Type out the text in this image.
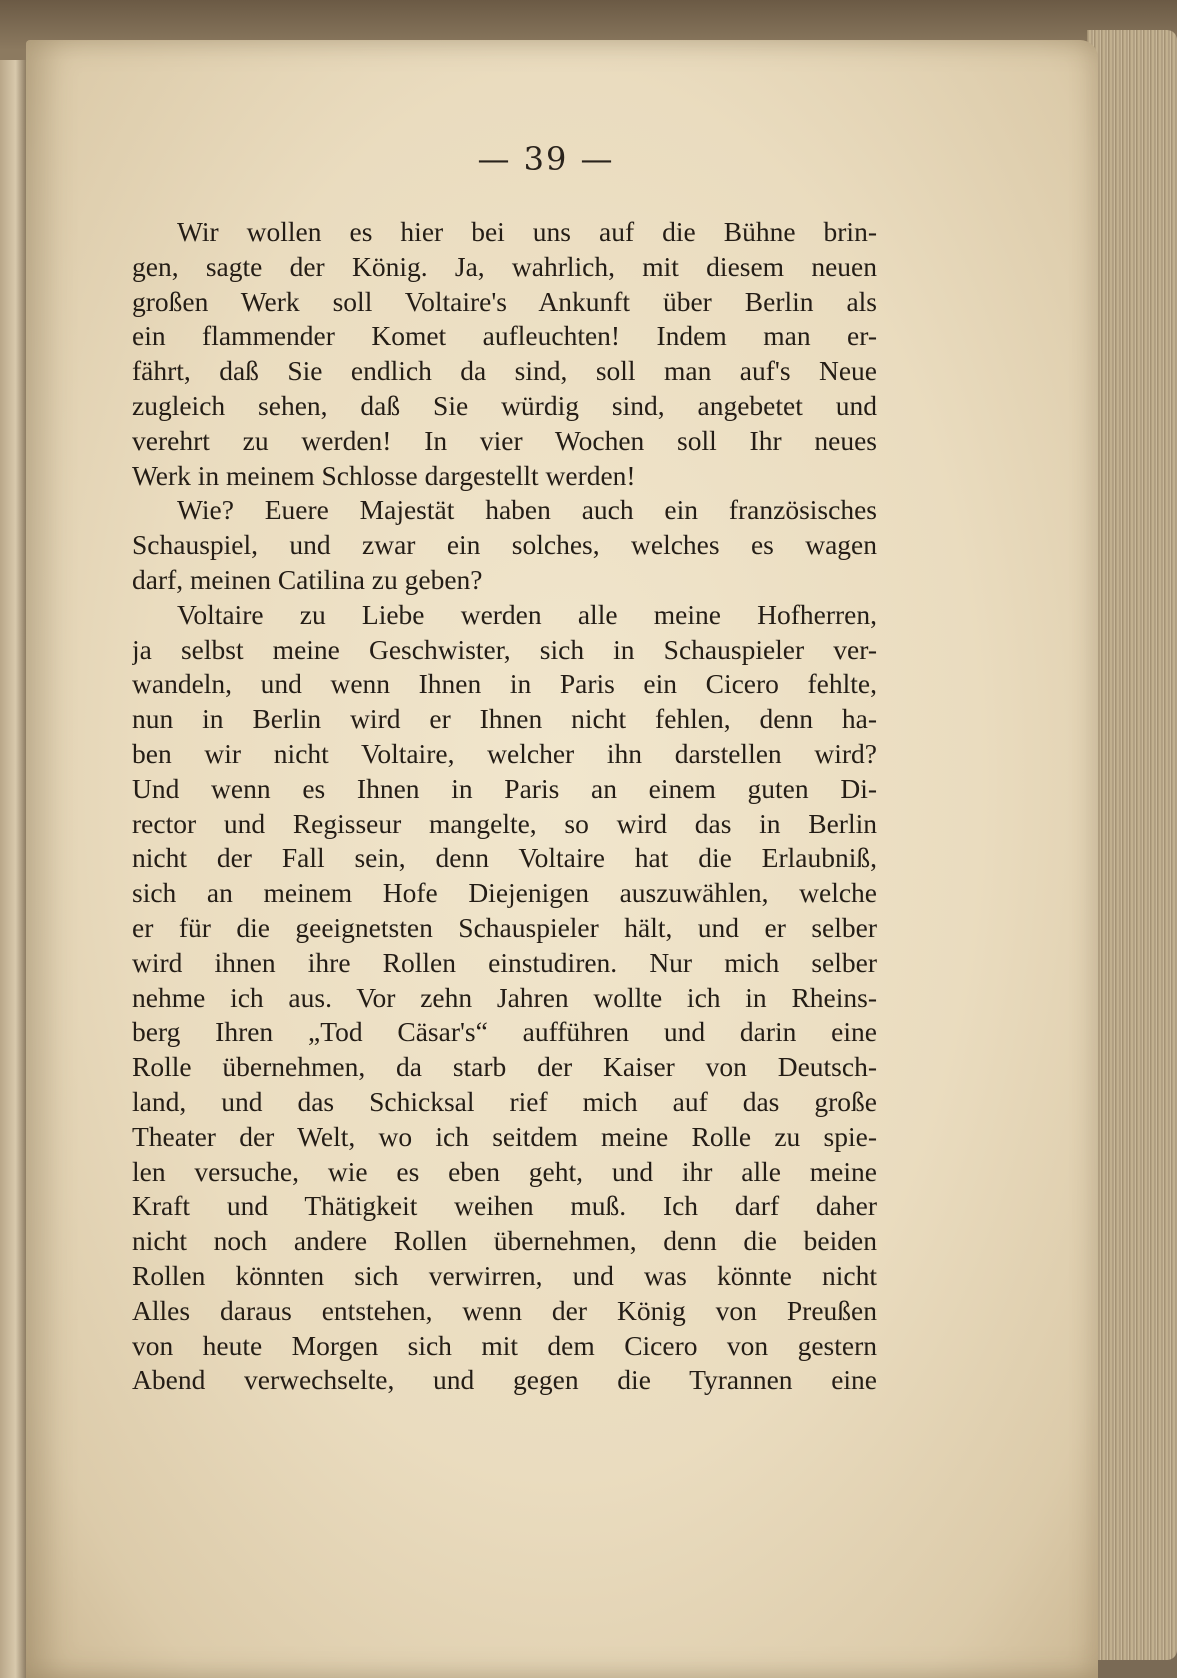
— 39 —
Wir wollen es hier bei uns auf die Bühne brin-
gen, sagte der König. Ja, wahrlich, mit diesem neuen
großen Werk soll Voltaire's Ankunft über Berlin als
ein flammender Komet aufleuchten! Indem man er-
fährt, daß Sie endlich da sind, soll man auf's Neue
zugleich sehen, daß Sie würdig sind, angebetet und
verehrt zu werden! In vier Wochen soll Ihr neues
Werk in meinem Schlosse dargestellt werden!
Wie? Euere Majestät haben auch ein französisches
Schauspiel, und zwar ein solches, welches es wagen
darf, meinen Catilina zu geben?
Voltaire zu Liebe werden alle meine Hofherren,
ja selbst meine Geschwister, sich in Schauspieler ver-
wandeln, und wenn Ihnen in Paris ein Cicero fehlte,
nun in Berlin wird er Ihnen nicht fehlen, denn ha-
ben wir nicht Voltaire, welcher ihn darstellen wird?
Und wenn es Ihnen in Paris an einem guten Di-
rector und Regisseur mangelte, so wird das in Berlin
nicht der Fall sein, denn Voltaire hat die Erlaubniß,
sich an meinem Hofe Diejenigen auszuwählen, welche
er für die geeignetsten Schauspieler hält, und er selber
wird ihnen ihre Rollen einstudiren. Nur mich selber
nehme ich aus. Vor zehn Jahren wollte ich in Rheins-
berg Ihren „Tod Cäsar's“ aufführen und darin eine
Rolle übernehmen, da starb der Kaiser von Deutsch-
land, und das Schicksal rief mich auf das große
Theater der Welt, wo ich seitdem meine Rolle zu spie-
len versuche, wie es eben geht, und ihr alle meine
Kraft und Thätigkeit weihen muß. Ich darf daher
nicht noch andere Rollen übernehmen, denn die beiden
Rollen könnten sich verwirren, und was könnte nicht
Alles daraus entstehen, wenn der König von Preußen
von heute Morgen sich mit dem Cicero von gestern
Abend verwechselte, und gegen die Tyrannen eine
